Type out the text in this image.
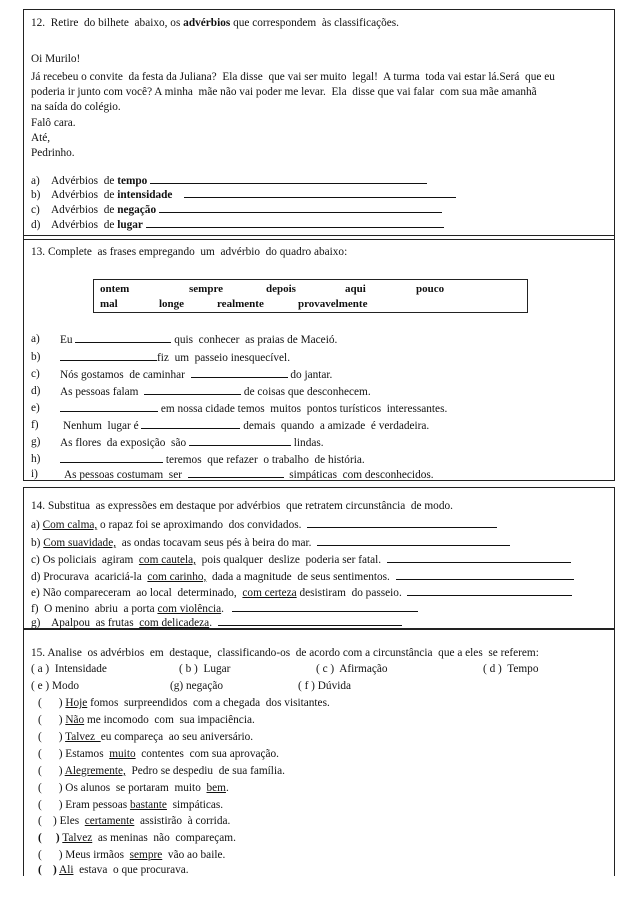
12.  Retire  do bilhete  abaixo, os advérbios que correspondem  às classificações.
Oi Murilo!
Já recebeu o convite  da festa da Juliana?  Ela disse  que vai ser muito  legal!  A turma  toda vai estar lá.Será  que eu
poderia ir junto com você? A minha  mãe não vai poder me levar.  Ela  disse que vai falar  com sua mãe amanhã
na saída do colégio.
Falô cara.
Até,
Pedrinho.
a) Advérbios  de tempo
b) Advérbios  de intensidade
c) Advérbios  de negação
d) Advérbios  de lugar
13. Complete  as frases empregando  um  advérbio  do quadro abaixo:
ontem	sempre	depois	aqui	pouco
mal	longe	realmente	provavelmente
a) Eu	quis  conhecer  as praias de Maceió.
b)	fiz  um  passeio inesquecível.
c) Nós gostamos  de caminhar	do jantar.
d) As pessoas falam	de coisas que desconhecem.
e)	em nossa cidade temos  muitos  pontos turísticos  interessantes.
f) Nenhum  lugar é	demais  quando  a amizade  é verdadeira.
g) As flores  da exposição  são	lindas.
h)	teremos  que refazer  o trabalho  de história.
i) As pessoas costumam  ser	simpáticas  com desconhecidos.
14. Substitua  as expressões em destaque por advérbios  que retratem circunstância  de modo.
a) Com calma, o rapaz foi se aproximando  dos convidados.
b) Com suavidade,  as ondas tocavam seus pés à beira do mar.
c) Os policiais  agiram  com cautela,  pois qualquer  deslize  poderia ser fatal.
d) Procurava  acariciá-la  com carinho,  dada a magnitude  de seus sentimentos.
e) Não compareceram  ao local  determinado,  com certeza desistiram  do passeio.
f)  O menino  abriu  a porta com violência.
g)    Apalpou  as frutas  com delicadeza.
15. Analise  os advérbios  em  destaque,  classificando-os  de acordo com a circunstância  que a eles  se referem:
( a )  Intensidade	( b )  Lugar	( c )  Afirmação	( d )  Tempo
( e ) Modo	(g) negação	( f ) Dúvida
(      ) Hoje fomos  surpreendidos  com a chegada  dos visitantes.
(      ) Não me incomodo  com  sua impaciência.
(      ) Talvez  eu compareça  ao seu aniversário.
(      ) Estamos  muito  contentes  com sua aprovação.
(      ) Alegremente,  Pedro se despediu  de sua família.
(      ) Os alunos  se portaram  muito  bem.
(      ) Eram pessoas bastante  simpáticas.
(    ) Eles  certamente  assistirão  à corrida.
(     ) Talvez  as meninas  não  compareçam.
(      ) Meus irmãos  sempre  vão ao baile.
(    ) Ali  estava  o que procurava.
